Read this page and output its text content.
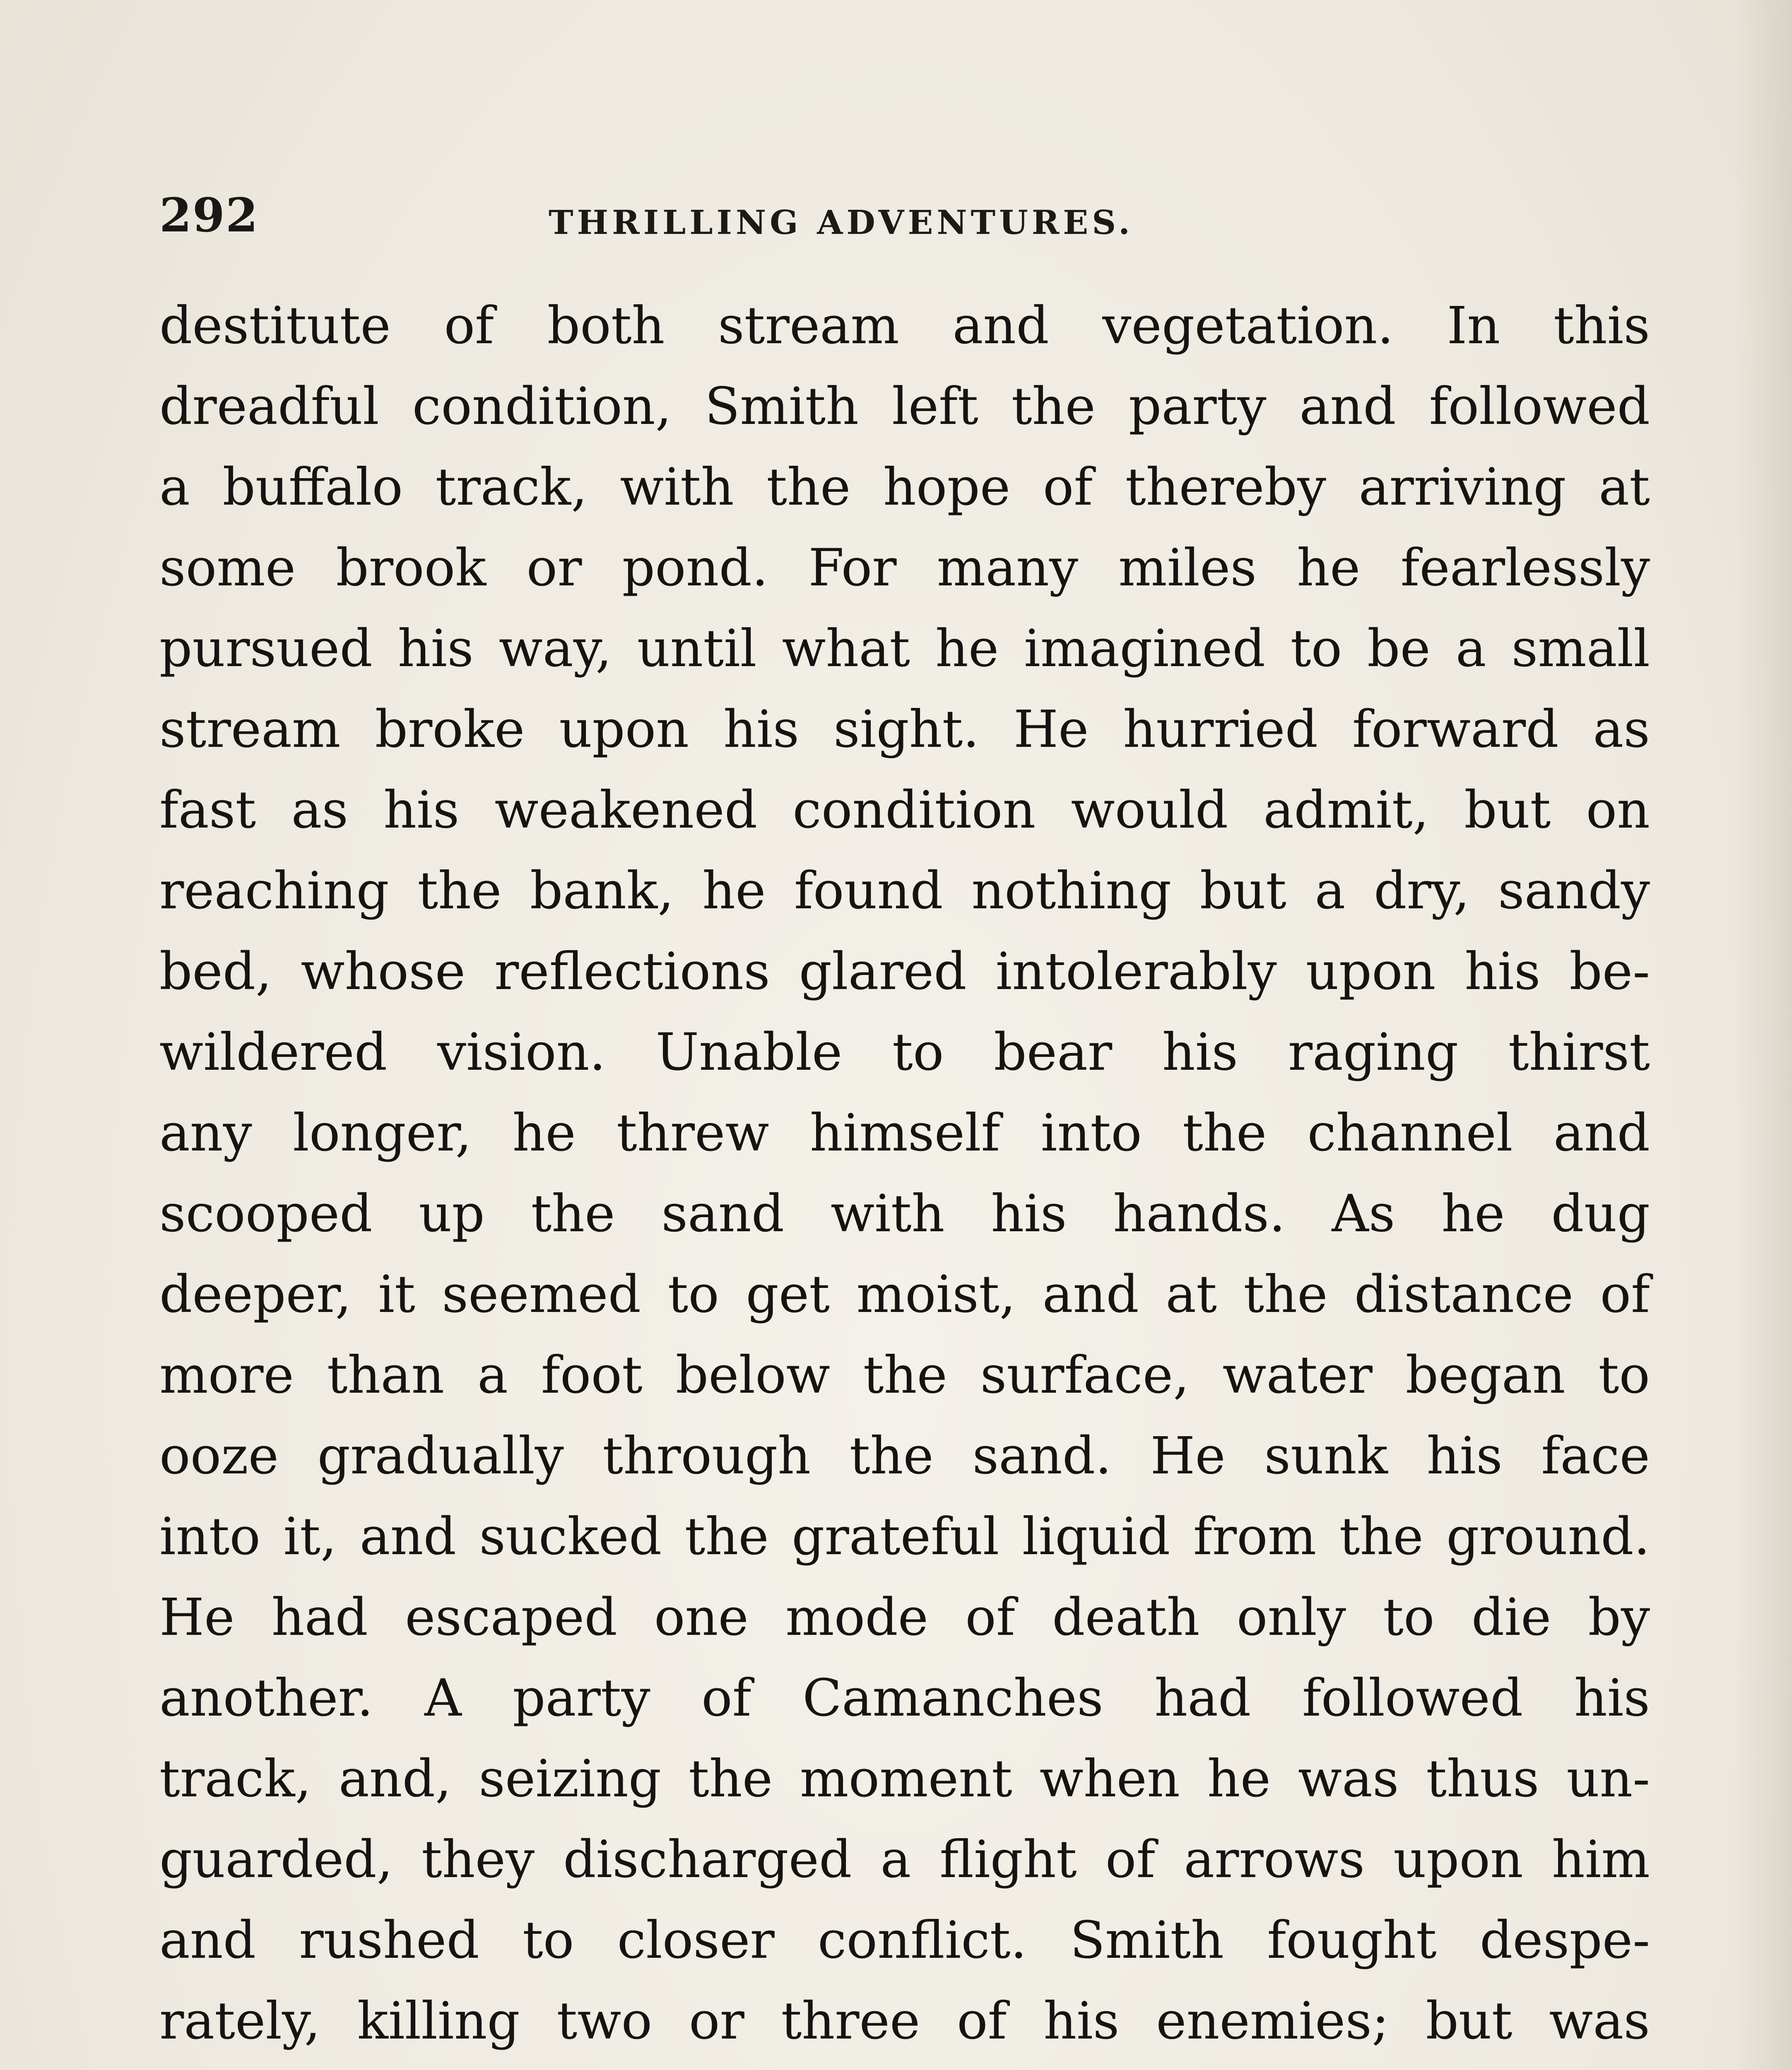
292	THRILLING ADVENTURES.
destitute of both stream and vegetation. In this
dreadful condition, Smith left the party and followed
a buffalo track, with the hope of thereby arriving at
some brook or pond. For many miles he fearlessly
pursued his way, until what he imagined to be a small
stream broke upon his sight. He hurried forward as
fast as his weakened condition would admit, but on
reaching the bank, he found nothing but a dry, sandy
bed, whose reflections glared intolerably upon his be-
wildered vision. Unable to bear his raging thirst
any longer, he threw himself into the channel and
scooped up the sand with his hands. As he dug
deeper, it seemed to get moist, and at the distance of
more than a foot below the surface, water began to
ooze gradually through the sand. He sunk his face
into it, and sucked the grateful liquid from the ground.
He had escaped one mode of death only to die by
another. A party of Camanches had followed his
track, and, seizing the moment when he was thus un-
guarded, they discharged a flight of arrows upon him
and rushed to closer conflict. Smith fought despe-
rately, killing two or three of his enemies; but was
